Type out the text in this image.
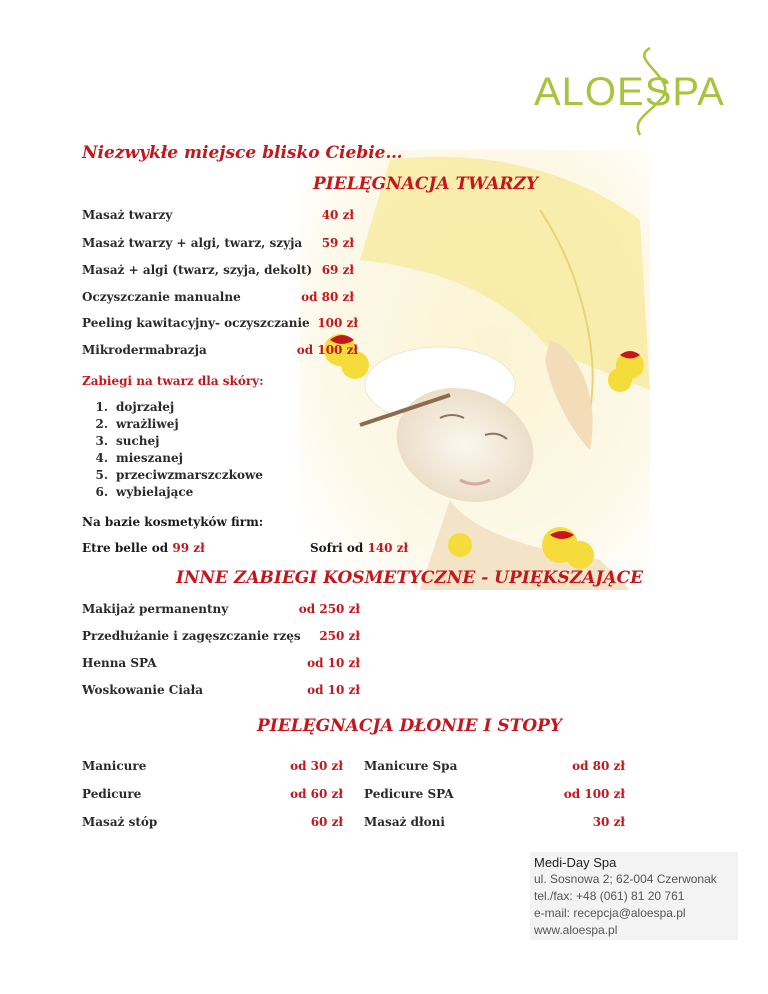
ALOESPA
Niezwykłe miejsce blisko Ciebie…
PIELĘGNACJA TWARZY
Masaż twarzy	40 zł
Masaż twarzy + algi, twarz, szyja 59 zł
Masaż + algi (twarz, szyja, dekolt) 69 zł
Oczyszczanie manualne	od 80 zł
Peeling kawitacyjny- oczyszczanie 100 zł
Mikrodermabrazja	od 100 zł
Zabiegi na twarz dla skóry:
1. dojrzałej
2. wrażliwej
3. suchej
4. mieszanej
5. przeciwzmarszczkowe
6. wybielające
Na bazie kosmetyków firm:
Etre belle od 99 zł	Sofri od 140 zł
INNE ZABIEGI KOSMETYCZNE - UPIĘKSZAJĄCE
Makijaż permanentny	od 250 zł
Przedłużanie i zagęszczanie rzęs 250 zł
Henna SPA	od 10 zł
Woskowanie Ciała	od 10 zł
PIELĘGNACJA DŁONIE I STOPY
Manicure	od 30 zł Manicure Spa	od 80 zł
Pedicure	od 60 zł Pedicure SPA	od 100 zł
Masaż stóp	60 zł Masaż dłoni	30 zł
Medi-Day Spa
ul. Sosnowa 2; 62-004 Czerwonak
tel./fax: +48 (061) 81 20 761
e-mail: recepcja@aloespa.pl
www.aloespa.pl
